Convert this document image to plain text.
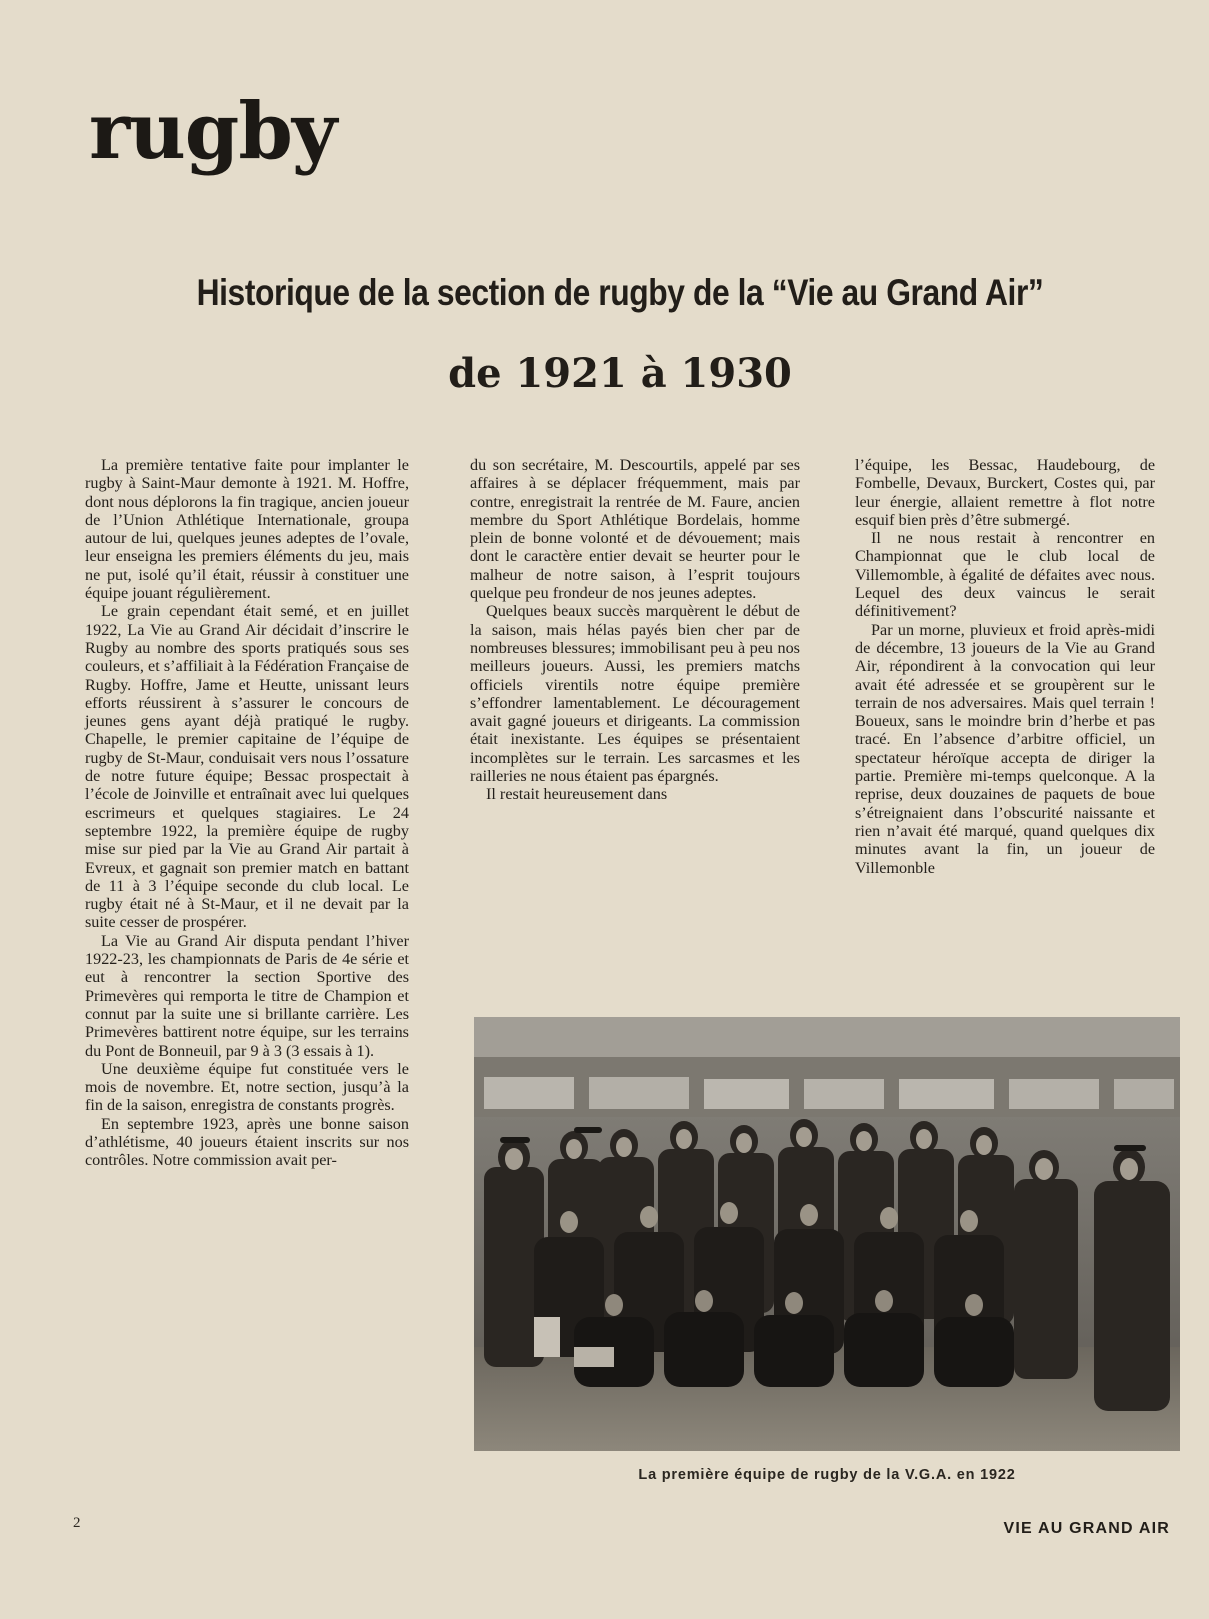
rugby
Historique de la section de rugby de la “Vie au Grand Air”
de 1921 à 1930

La première tentative faite pour implanter le rugby à Saint-Maur demonte à 1921. M. Hoffre, dont nous déplorons la fin tragique, ancien joueur de l’Union Athlétique Internationale, groupa autour de lui, quelques jeunes adeptes de l’ovale, leur enseigna les premiers éléments du jeu, mais ne put, isolé qu’il était, réussir à constituer une équipe jouant régulièrement.

Le grain cependant était semé, et en juillet 1922, La Vie au Grand Air décidait d’inscrire le Rugby au nombre des sports pratiqués sous ses couleurs, et s’affiliait à la Fédération Française de Rugby. Hoffre, Jame et Heutte, unissant leurs efforts réussirent à s’assurer le concours de jeunes gens ayant déjà pratiqué le rugby. Chapelle, le premier capitaine de l’équipe de rugby de St-Maur, conduisait vers nous l’ossature de notre future équipe; Bessac prospectait à l’école de Joinville et entraînait avec lui quelques escrimeurs et quelques stagiaires. Le 24 septembre 1922, la première équipe de rugby mise sur pied par la Vie au Grand Air partait à Evreux, et gagnait son premier match en battant de 11 à 3 l’équipe seconde du club local. Le rugby était né à St-Maur, et il ne devait par la suite cesser de prospérer.

La Vie au Grand Air disputa pendant l’hiver 1922-23, les championnats de Paris de 4e série et eut à rencontrer la section Sportive des Primevères qui remporta le titre de Champion et connut par la suite une si brillante carrière. Les Primevères battirent notre équipe, sur les terrains du Pont de Bonneuil, par 9 à 3 (3 essais à 1).

Une deuxième équipe fut constituée vers le mois de novembre. Et, notre section, jusqu’à la fin de la saison, enregistra de constants progrès.

En septembre 1923, après une bonne saison d’athlétisme, 40 joueurs étaient inscrits sur nos contrôles. Notre commission avait per-

du son secrétaire, M. Descourtils, appelé par ses affaires à se déplacer fréquemment, mais par contre, enregistrait la rentrée de M. Faure, ancien membre du Sport Athlétique Bordelais, homme plein de bonne volonté et de dévouement; mais dont le caractère entier devait se heurter pour le malheur de notre saison, à l’esprit toujours quelque peu frondeur de nos jeunes adeptes.

Quelques beaux succès marquèrent le début de la saison, mais hélas payés bien cher par de nombreuses blessures; immobilisant peu à peu nos meilleurs joueurs. Aussi, les premiers matchs officiels virentils notre équipe première s’effondrer lamentablement. Le découragement avait gagné joueurs et dirigeants. La commission était inexistante. Les équipes se présentaient incomplètes sur le terrain. Les sarcasmes et les railleries ne nous étaient pas épargnés.

Il restait heureusement dans

l’équipe, les Bessac, Haudebourg, de Fombelle, Devaux, Burckert, Costes qui, par leur énergie, allaient remettre à flot notre esquif bien près d’être submergé.

Il ne nous restait à rencontrer en Championnat que le club local de Villemomble, à égalité de défaites avec nous. Lequel des deux vaincus le serait définitivement?

Par un morne, pluvieux et froid après-midi de décembre, 13 joueurs de la Vie au Grand Air, répondirent à la convocation qui leur avait été adressée et se groupèrent sur le terrain de nos adversaires. Mais quel terrain ! Boueux, sans le moindre brin d’herbe et pas tracé. En l’absence d’arbitre officiel, un spectateur héroïque accepta de diriger la partie. Première mi-temps quelconque. A la reprise, deux douzaines de paquets de boue s’étreignaient dans l’obscurité naissante et rien n’avait été marqué, quand quelques dix minutes avant la fin, un joueur de Villemonble

La première équipe de rugby de la V.G.A. en 1922

2	VIE AU GRAND AIR
